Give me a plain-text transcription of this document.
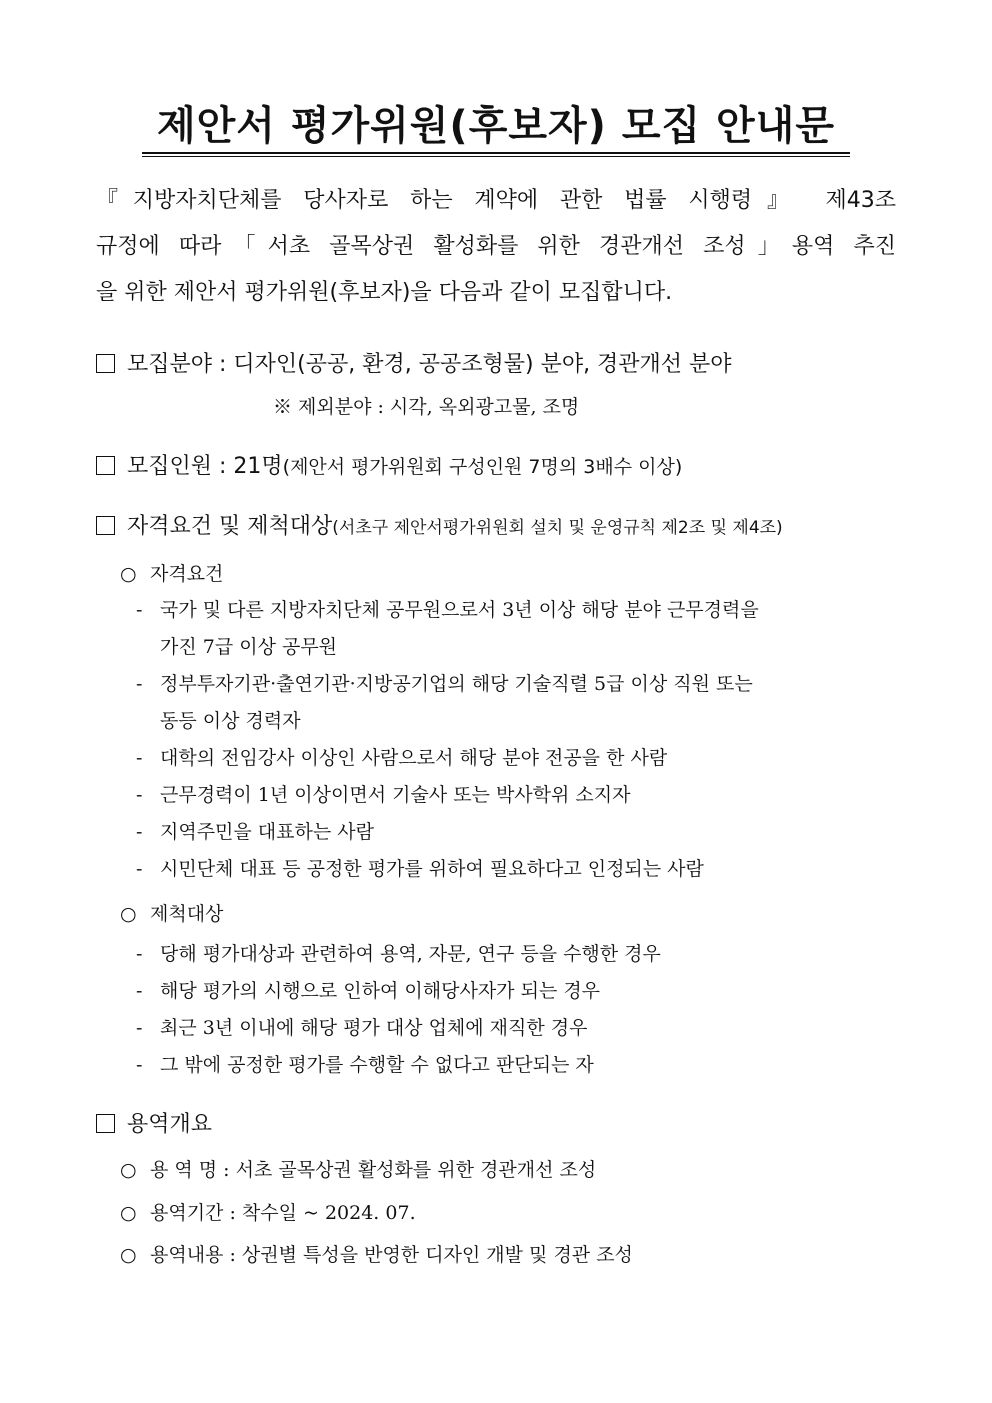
제안서 평가위원(후보자) 모집 안내문
『지방자치단체를 당사자로 하는 계약에 관한 법률 시행령』 제43조
규정에 따라「서초 골목상권 활성화를 위한 경관개선 조성」용역 추진
을 위한 제안서 평가위원(후보자)을 다음과 같이 모집합니다.
모집분야 : 디자인(공공, 환경, 공공조형물) 분야, 경관개선 분야
※ 제외분야 : 시각, 옥외광고물, 조명
모집인원 : 21명(제안서 평가위원회 구성인원 7명의 3배수 이상)
자격요건 및 제척대상(서초구 제안서평가위원회 설치 및 운영규칙 제2조 및 제4조)
○ 자격요건
- 국가 및 다른 지방자치단체 공무원으로서 3년 이상 해당 분야 근무경력을
가진 7급 이상 공무원
- 정부투자기관·출연기관·지방공기업의 해당 기술직렬 5급 이상 직원 또는
동등 이상 경력자
- 대학의 전임강사 이상인 사람으로서 해당 분야 전공을 한 사람
- 근무경력이 1년 이상이면서 기술사 또는 박사학위 소지자
- 지역주민을 대표하는 사람
- 시민단체 대표 등 공정한 평가를 위하여 필요하다고 인정되는 사람
○ 제척대상
- 당해 평가대상과 관련하여 용역, 자문, 연구 등을 수행한 경우
- 해당 평가의 시행으로 인하여 이해당사자가 되는 경우
- 최근 3년 이내에 해당 평가 대상 업체에 재직한 경우
- 그 밖에 공정한 평가를 수행할 수 없다고 판단되는 자
용역개요
○ 용 역 명 : 서초 골목상권 활성화를 위한 경관개선 조성
○ 용역기간 : 착수일 ~ 2024. 07.
○ 용역내용 : 상권별 특성을 반영한 디자인 개발 및 경관 조성
